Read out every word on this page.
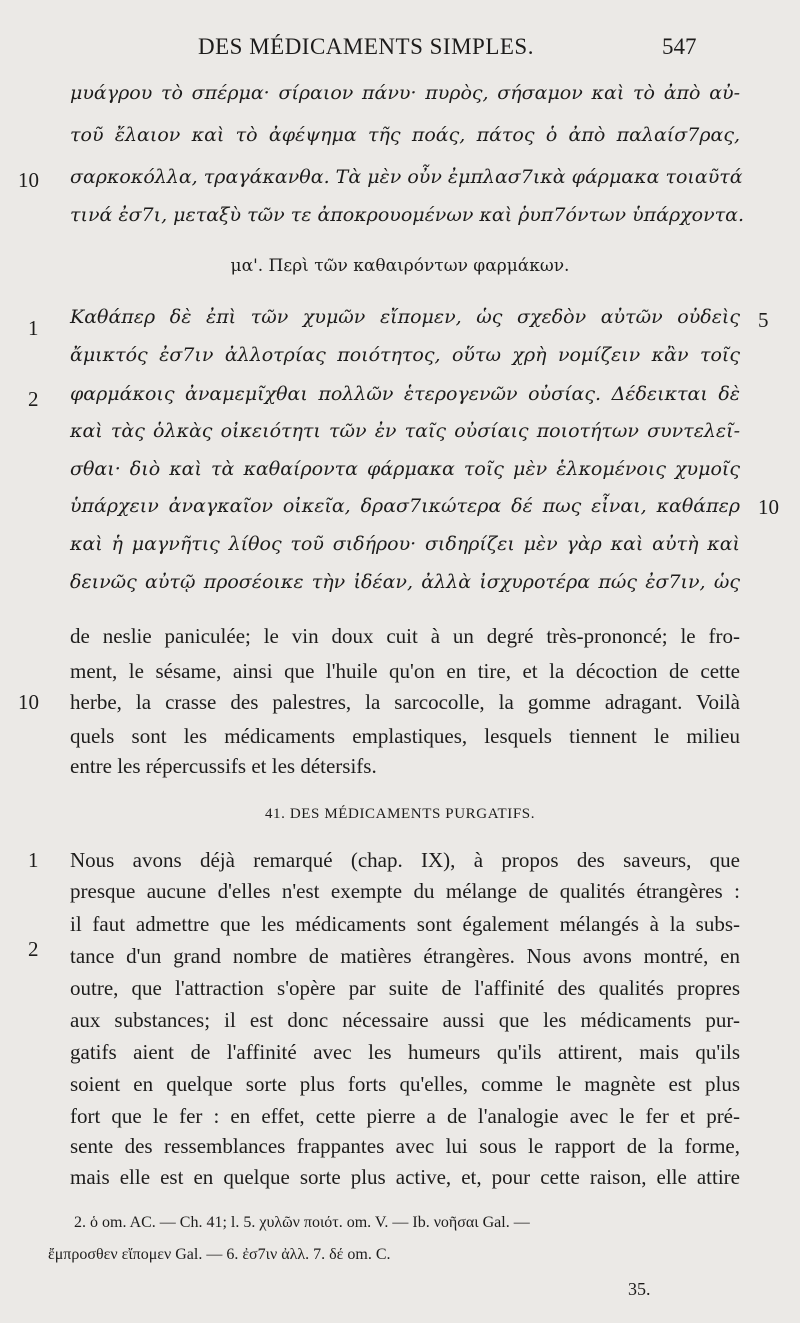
DES MÉDICAMENTS SIMPLES.	547
μυάγρου τὸ σπέρμα· σίραιον πάνυ· πυρὸς, σήσαμον καὶ τὸ ἀπὸ αὐ-
τοῦ ἔλαιον καὶ τὸ ἀφέψημα τῆς ποάς, πάτος ὁ ἀπὸ παλαίσ7ρας,
σαρκοκόλλα, τραγάκανθα. Τὰ μὲν οὖν ἐμπλασ7ικὰ φάρμακα τοιαῦτά
τινά ἐσ7ι, μεταξὺ τῶν τε ἀποκρουομένων καὶ ῥυπ7όντων ὑπάρχοντα.
10
μα'. Περὶ τῶν καθαιρόντων φαρμάκων.
Καθάπερ δὲ ἐπὶ τῶν χυμῶν εἴπομεν, ὡς σχεδὸν αὐτῶν οὐδεὶς
ἄμικτός ἐσ7ιν ἀλλοτρίας ποιότητος, οὕτω χρὴ νομίζειν κἂν τοῖς
φαρμάκοις ἀναμεμῖχθαι πολλῶν ἑτερογενῶν οὐσίας. Δέδεικται δὲ
καὶ τὰς ὁλκὰς οἰκειότητι τῶν ἐν ταῖς οὐσίαις ποιοτήτων συντελεῖ-
σθαι· διὸ καὶ τὰ καθαίροντα φάρμακα τοῖς μὲν ἑλκομένοις χυμοῖς
ὑπάρχειν ἀναγκαῖον οἰκεῖα, δρασ7ικώτερα δέ πως εἶναι, καθάπερ
καὶ ἡ μαγνῆτις λίθος τοῦ σιδήρου· σιδηρίζει μὲν γὰρ καὶ αὐτὴ καὶ
δεινῶς αὐτῷ προσέοικε τὴν ἰδέαν, ἀλλὰ ἰσχυροτέρα πώς ἐσ7ιν, ὡς
1
2
5
10
de neslie paniculée; le vin doux cuit à un degré très-prononcé; le fro-
ment, le sésame, ainsi que l'huile qu'on en tire, et la décoction de cette
herbe, la crasse des palestres, la sarcocolle, la gomme adragant. Voilà
quels sont les médicaments emplastiques, lesquels tiennent le milieu
entre les répercussifs et les détersifs.
10
41. DES MÉDICAMENTS PURGATIFS.
Nous avons déjà remarqué (chap. IX), à propos des saveurs, que
presque aucune d'elles n'est exempte du mélange de qualités étrangères :
il faut admettre que les médicaments sont également mélangés à la subs-
tance d'un grand nombre de matières étrangères. Nous avons montré, en
outre, que l'attraction s'opère par suite de l'affinité des qualités propres
aux substances; il est donc nécessaire aussi que les médicaments pur-
gatifs aient de l'affinité avec les humeurs qu'ils attirent, mais qu'ils
soient en quelque sorte plus forts qu'elles, comme le magnète est plus
fort que le fer : en effet, cette pierre a de l'analogie avec le fer et pré-
sente des ressemblances frappantes avec lui sous le rapport de la forme,
mais elle est en quelque sorte plus active, et, pour cette raison, elle attire
1
2
2. ὁ om. AC. — Ch. 41; l. 5. χυλῶν ποιότ. om. V. — Ib. νοῆσαι Gal. —
ἔμπροσθεν εἴπομεν Gal. — 6. ἐσ7ιν ἀλλ. 7. δέ om. C.
35.
